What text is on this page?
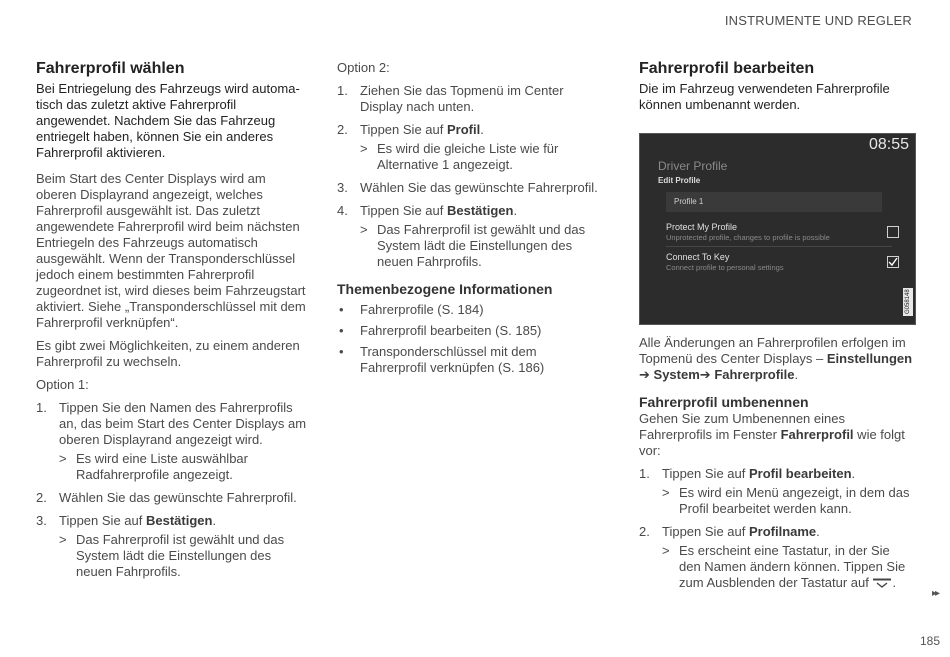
INSTRUMENTE UND REGLER
Fahrerprofil wählen

Bei Entriegelung des Fahrzeugs wird automatisch das zuletzt aktive Fahrerprofil angewendet. Nachdem Sie das Fahrzeug entriegelt haben, können Sie ein anderes Fahrerprofil aktivieren.

Beim Start des Center Displays wird am oberen Displayrand angezeigt, welches Fahrerprofil ausgewählt ist. Das zuletzt angewendete Fahrerprofil wird beim nächsten Entriegeln des Fahrzeugs automatisch ausgewählt. Wenn der Transponderschlüssel jedoch einem bestimmten Fahrerprofil zugeordnet ist, wird dieses beim Fahrzeugstart aktiviert. Siehe „Transponderschlüssel mit dem Fahrerprofil verknüpfen“.

Es gibt zwei Möglichkeiten, zu einem anderen Fahrerprofil zu wechseln.

Option 1:

1. Tippen Sie den Namen des Fahrerprofils an, das beim Start des Center Displays am oberen Displayrand angezeigt wird.
> Es wird eine Liste auswählbar Radfahrerprofile angezeigt.
2. Wählen Sie das gewünschte Fahrerprofil.
3. Tippen Sie auf Bestätigen.
> Das Fahrerprofil ist gewählt und das System lädt die Einstellungen des neuen Fahrprofils.

Option 2:

1. Ziehen Sie das Topmenü im Center Display nach unten.
2. Tippen Sie auf Profil.
> Es wird die gleiche Liste wie für Alternative 1 angezeigt.
3. Wählen Sie das gewünschte Fahrerprofil.
4. Tippen Sie auf Bestätigen.
> Das Fahrerprofil ist gewählt und das System lädt die Einstellungen des neuen Fahrprofils.
Themenbezogene Informationen
• Fahrerprofile (S. 184)
• Fahrerprofil bearbeiten (S. 185)
• Transponderschlüssel mit dem Fahrerprofil verknüpfen (S. 186)
Fahrerprofil bearbeiten

Die im Fahrzeug verwendeten Fahrerprofile können umbenannt werden.

08:55
Driver Profile
Edit Profile
Profile 1
Protect My Profile
Unprotected profile, changes to profile is possible
Connect To Key
Connect profile to personal settings
G058148

Alle Änderungen an Fahrerprofilen erfolgen im Topmenü des Center Displays – Einstellungen
➔ System➔ Fahrerprofile.

Fahrerprofil umbenennen

Gehen Sie zum Umbenennen eines Fahrerprofils im Fenster Fahrerprofil wie folgt vor:

1. Tippen Sie auf Profil bearbeiten.
> Es wird ein Menü angezeigt, in dem das Profil bearbeitet werden kann.
2. Tippen Sie auf Profilname.
> Es erscheint eine Tastatur, in der Sie den Namen ändern können. Tippen Sie zum Ausblenden der Tastatur auf .
▸▸
185
